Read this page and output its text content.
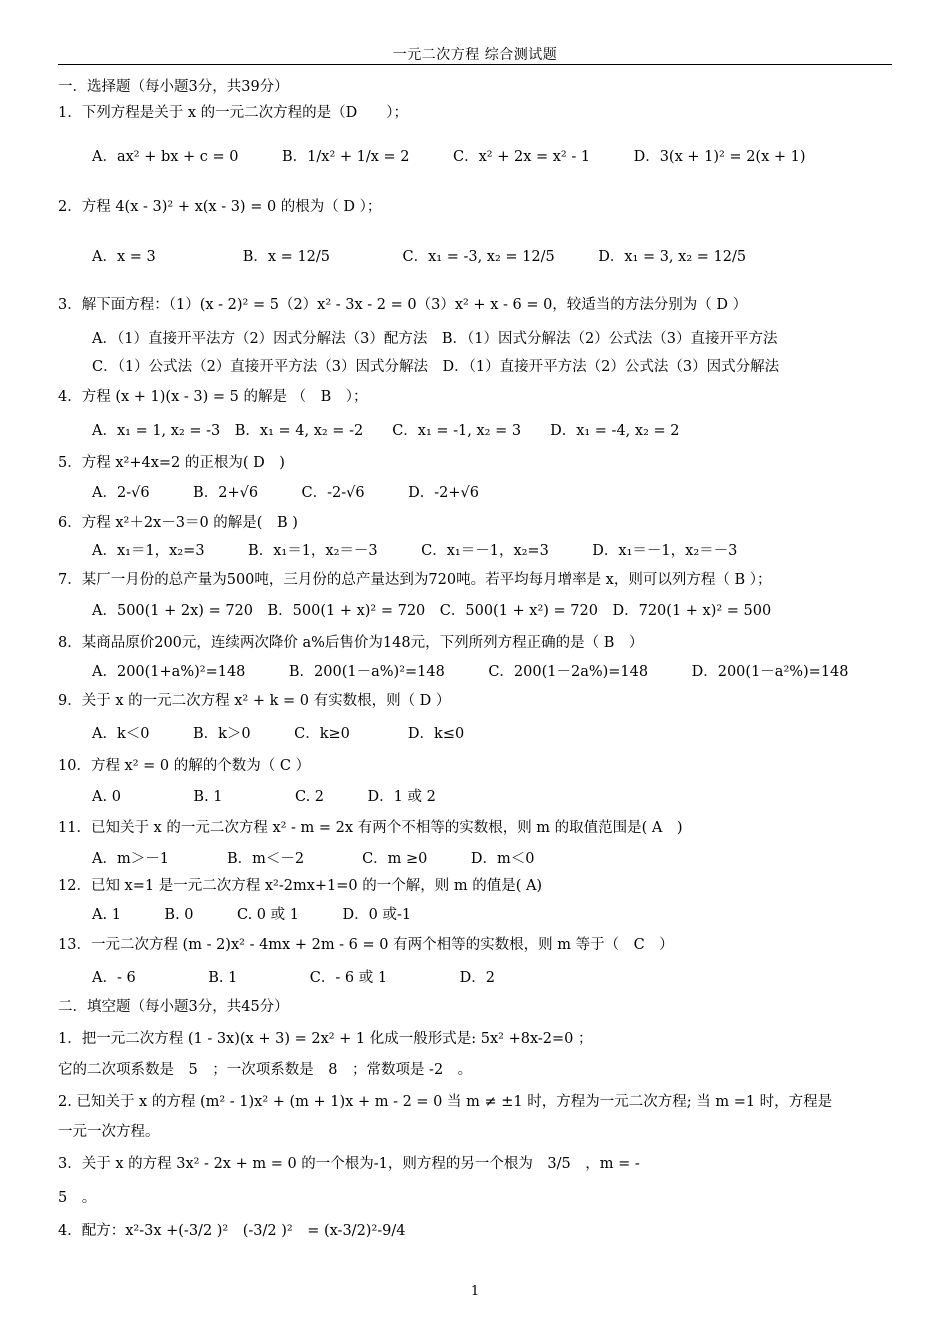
一元二次方程 综合测试题
一．选择题（每小题3分，共39分）
1．下列方程是关于 x 的一元二次方程的是（D　　）；
A．ax² + bx + c = 0　　　B．1/x² + 1/x = 2　　　C．x² + 2x = x² - 1　　　D．3(x + 1)² = 2(x + 1)
2．方程 4(x - 3)² + x(x - 3) = 0 的根为（ D ）；
A．x = 3　　　　　　B．x = 12/5　　　　　C．x₁ = -3, x₂ = 12/5　　　D．x₁ = 3, x₂ = 12/5
3．解下面方程：（1）(x - 2)² = 5（2）x² - 3x - 2 = 0（3）x² + x - 6 = 0，较适当的方法分别为（ D ）
A．（1）直接开平法方（2）因式分解法（3）配方法　B．（1）因式分解法（2）公式法（3）直接开平方法
C．（1）公式法（2）直接开平方法（3）因式分解法　D．（1）直接开平方法（2）公式法（3）因式分解法
4．方程 (x + 1)(x - 3) = 5 的解是 （　B　）；
A．x₁ = 1, x₂ = -3　B．x₁ = 4, x₂ = -2　　C．x₁ = -1, x₂ = 3　　D．x₁ = -4, x₂ = 2
5．方程 x²+4x=2 的正根为( D　)
A．2-√6　　　B．2+√6　　　C．-2-√6　　　D．-2+√6
6．方程 x²＋2x－3＝0 的解是(　B )
A．x₁＝1，x₂=3　　　B．x₁＝1，x₂＝－3　　　C．x₁＝－1，x₂=3　　　D．x₁＝－1，x₂＝－3
7．某厂一月份的总产量为500吨，三月份的总产量达到为720吨。若平均每月增率是 x，则可以列方程（ B ）；
A．500(1 + 2x) = 720　B．500(1 + x)² = 720　C．500(1 + x²) = 720　D．720(1 + x)² = 500
8．某商品原价200元，连续两次降价 a%后售价为148元，下列所列方程正确的是（ B　）
A．200(1+a%)²=148　　　B．200(1－a%)²=148　　　C．200(1－2a%)=148　　　D．200(1－a²%)=148
9．关于 x 的一元二次方程 x² + k = 0 有实数根，则（ D ）
A．k＜0　　　B．k＞0　　　C．k≥0　　　　D．k≤0
10．方程 x² = 0 的解的个数为（ C ）
A. 0　　　　　B. 1　　　　　C. 2　　　D．1 或 2
11．已知关于 x 的一元二次方程 x² - m = 2x 有两个不相等的实数根，则 m 的取值范围是( A　)
A．m＞－1　　　　B．m＜－2　　　　C．m ≥0　　　D．m＜0
12．已知 x=1 是一元二次方程 x²-2mx+1=0 的一个解，则 m 的值是( A)
A. 1　　　B. 0　　　C. 0 或 1　　　D．0 或-1
13．一元二次方程 (m - 2)x² - 4mx + 2m - 6 = 0 有两个相等的实数根，则 m 等于（　C　）
A．- 6　　　　　B. 1　　　　　C．- 6 或 1　　　　　D．2
二．填空题（每小题3分，共45分）
1．把一元二次方程 (1 - 3x)(x + 3) = 2x² + 1 化成一般形式是: 5x² +8x-2=0 ；
它的二次项系数是　5　；一次项系数是　8　；常数项是 -2　。
2. 已知关于 x 的方程 (m² - 1)x² + (m + 1)x + m - 2 = 0 当 m ≠ ±1 时，方程为一元二次方程; 当 m =1 时，方程是
一元一次方程。
3．关于 x 的方程 3x² - 2x + m = 0 的一个根为-1，则方程的另一个根为　3/5　，m = -
5　。
4．配方：x²-3x +(-3/2 )²　(-3/2 )²　= (x-3/2)²-9/4
1
